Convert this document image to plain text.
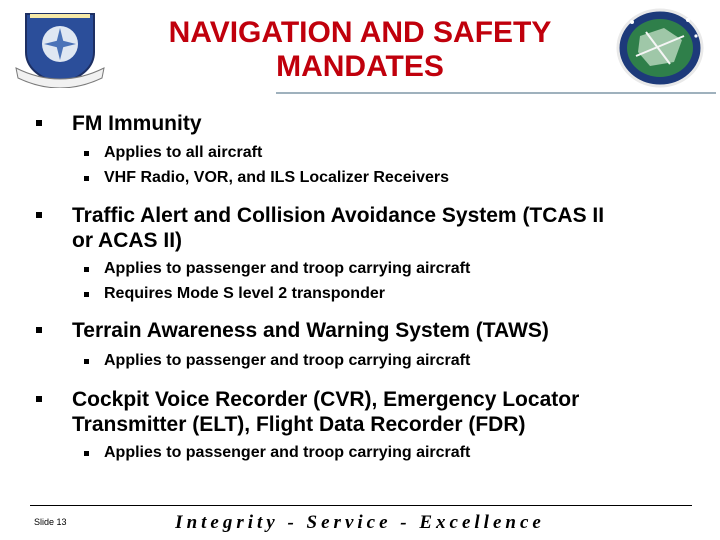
NAVIGATION AND SAFETY
MANDATES
FM Immunity
Applies to all aircraft
VHF Radio, VOR, and ILS Localizer Receivers
Traffic Alert and Collision Avoidance System (TCAS II
or ACAS II)
Applies to passenger and troop carrying aircraft
Requires Mode S level 2 transponder
Terrain Awareness and Warning System (TAWS)
Applies to passenger and troop carrying aircraft
Cockpit Voice Recorder (CVR), Emergency Locator
Transmitter (ELT), Flight Data Recorder (FDR)
Applies to passenger and troop carrying aircraft
Slide 13	Integrity - Service - Excellence
